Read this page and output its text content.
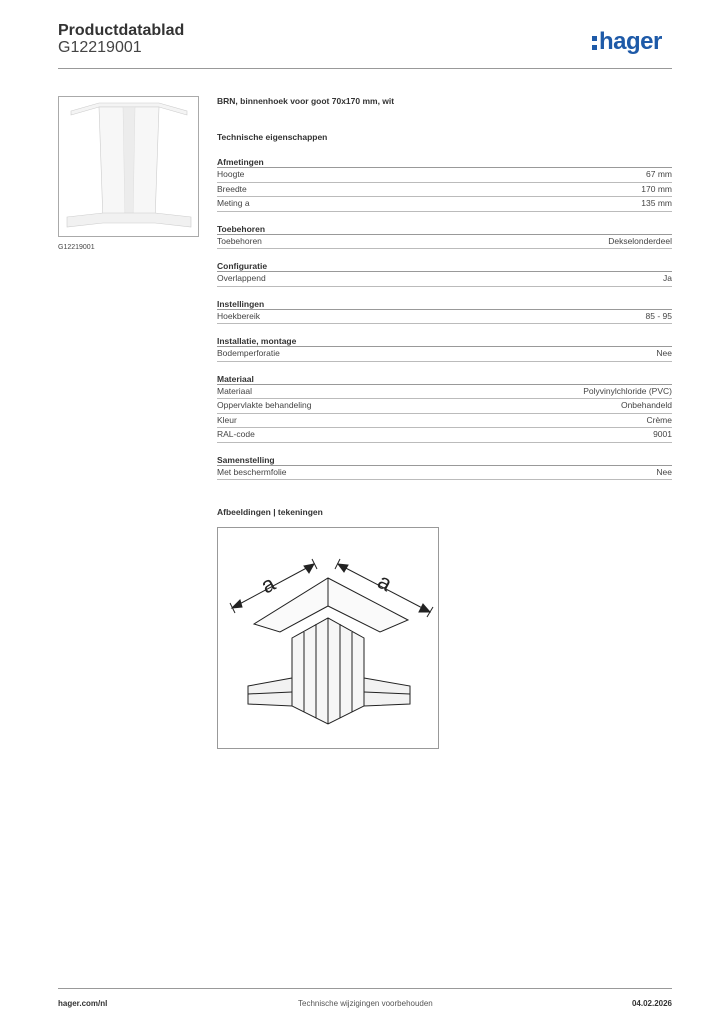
Productdatablad
G12219001	hager
G12219001
BRN, binnenhoek voor goot 70x170 mm, wit
Technische eigenschappen
Afmetingen
Hoogte	67 mm
Breedte	170 mm
Meting a	135 mm
Toebehoren
Toebehoren	Dekselonderdeel
Configuratie
Overlappend	Ja
Instellingen
Hoekbereik	85 - 95
Installatie, montage
Bodemperforatie	Nee
Materiaal
Materiaal	Polyvinylchloride (PVC)
Oppervlakte behandeling	Onbehandeld
Kleur	Crème
RAL-code	9001
Samenstelling
Met beschermfolie	Nee
Afbeeldingen | tekeningen
a	a
hager.com/nl	Technische wijzigingen voorbehouden	04.02.2026
